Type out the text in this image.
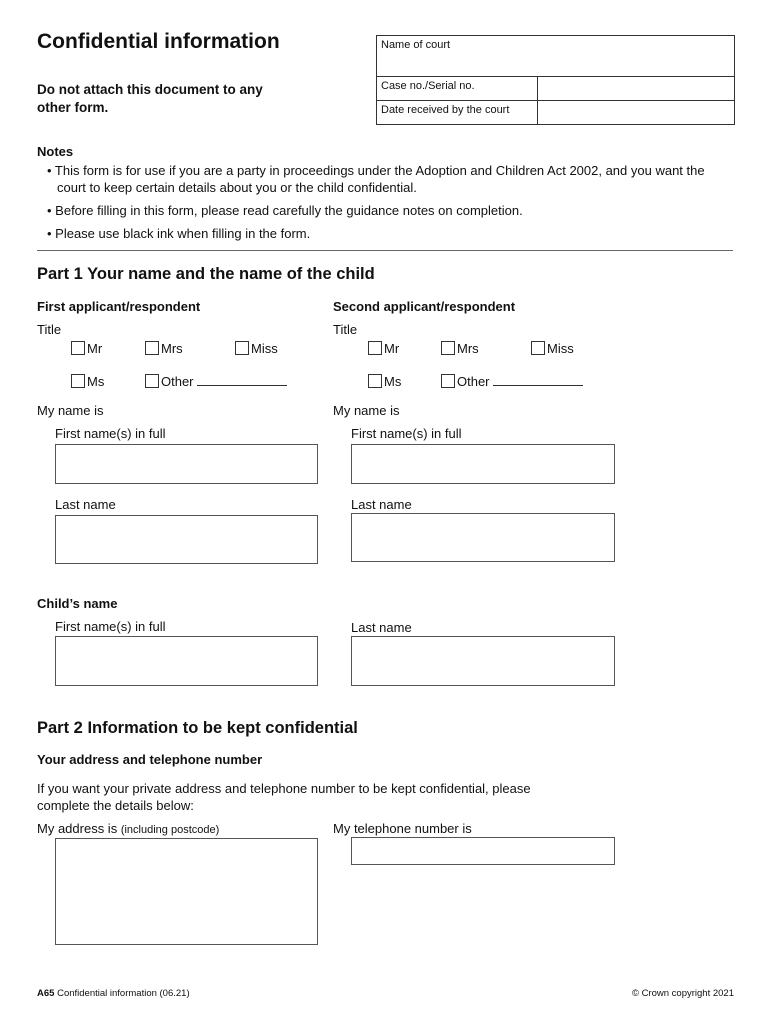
Confidential information
Do not attach this document to any
other form.
Name of court
Case no./Serial no.
Date received by the court
Notes
• This form is for use if you are a party in proceedings under the Adoption and Children Act 2002, and you want the court to keep certain details about you or the child confidential.
• Before filling in this form, please read carefully the guidance notes on completion.
• Please use black ink when filling in the form.
Part 1 Your name and the name of the child
First applicant/respondent
Title
Mr	Mrs	Miss
Ms	Other
My name is
First name(s) in full
Last name
Second applicant/respondent
Title
Mr	Mrs	Miss
Ms	Other
My name is
First name(s) in full
Last name
Child’s name
First name(s) in full	Last name
Part 2 Information to be kept confidential
Your address and telephone number
If you want your private address and telephone number to be kept confidential, please
complete the details below:
My address is (including postcode)	My telephone number is
A65 Confidential information (06.21)	© Crown copyright 2021
